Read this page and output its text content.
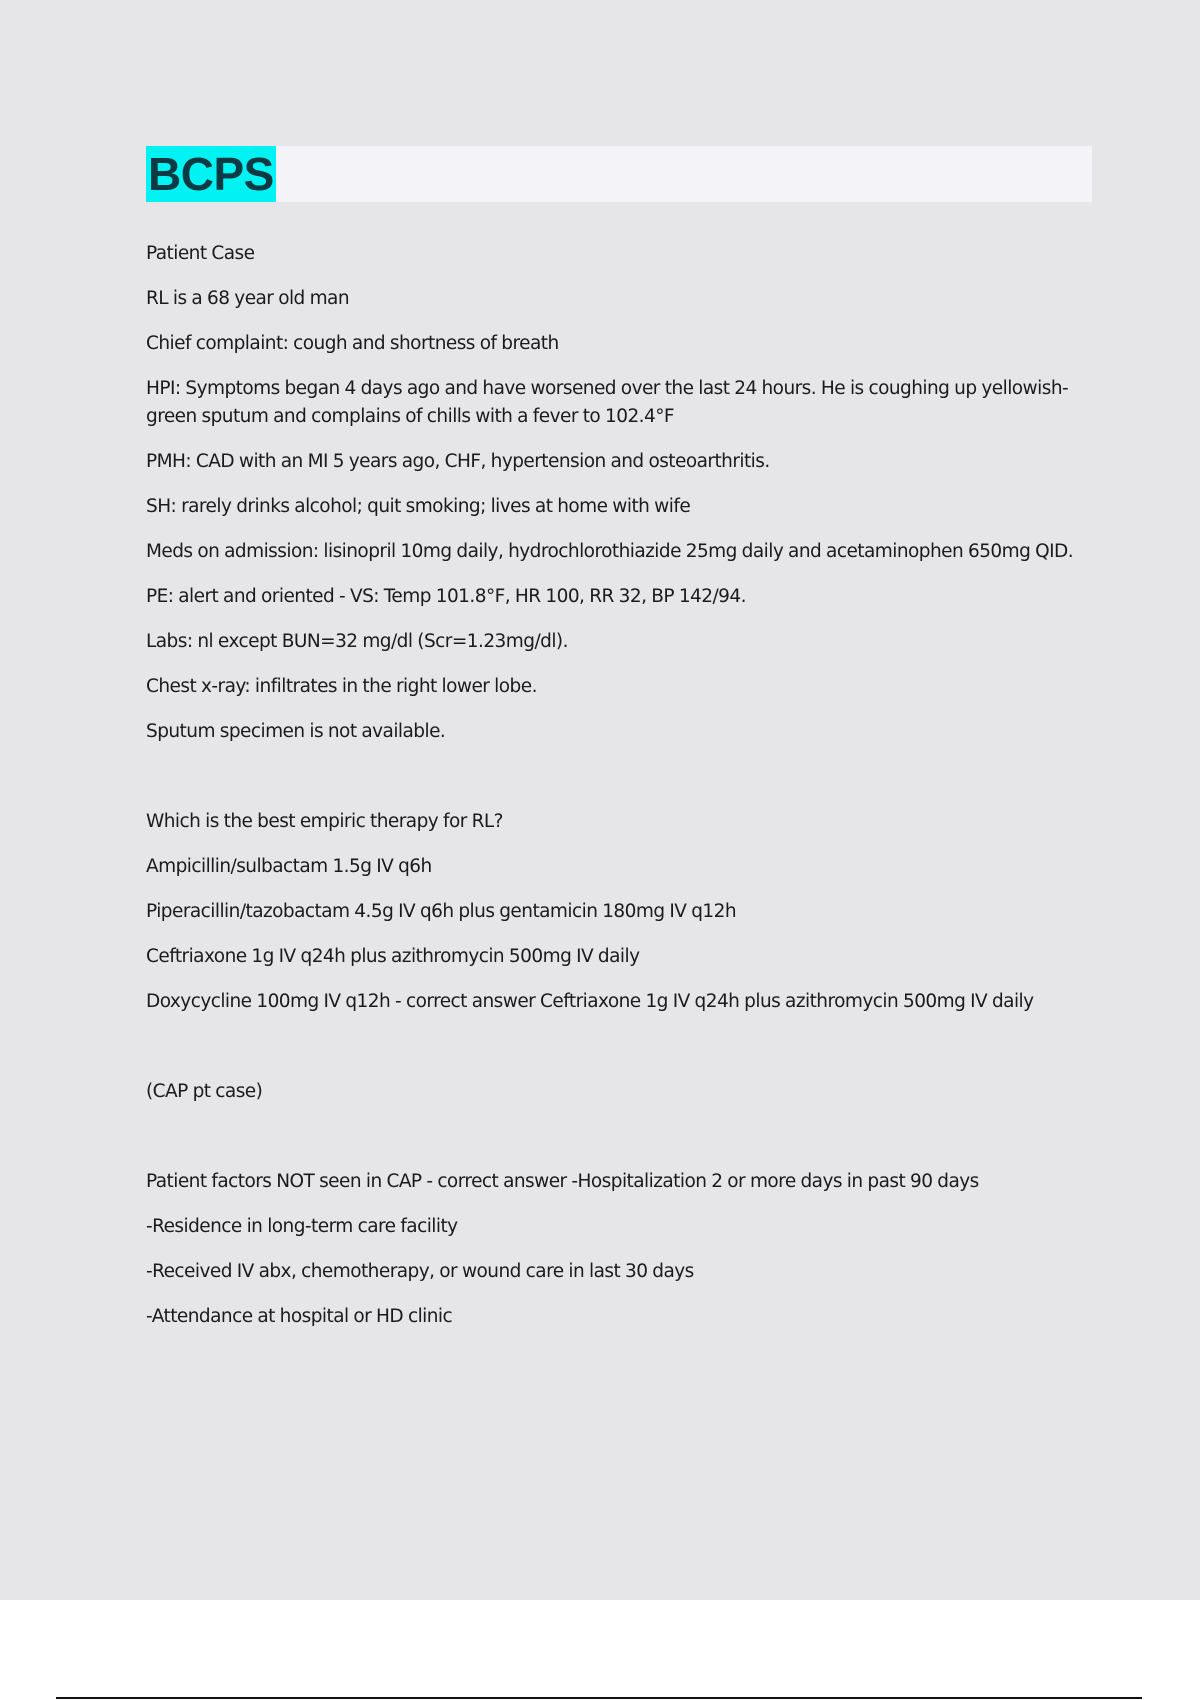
BCPS

Patient Case

RL is a 68 year old man

Chief complaint: cough and shortness of breath

HPI: Symptoms began 4 days ago and have worsened over the last 24 hours. He is coughing up yellowish-green sputum and complains of chills with a fever to 102.4°F

PMH: CAD with an MI 5 years ago, CHF, hypertension and osteoarthritis.

SH: rarely drinks alcohol; quit smoking; lives at home with wife

Meds on admission: lisinopril 10mg daily, hydrochlorothiazide 25mg daily and acetaminophen 650mg QID.

PE: alert and oriented - VS: Temp 101.8°F, HR 100, RR 32, BP 142/94.

Labs: nl except BUN=32 mg/dl (Scr=1.23mg/dl).

Chest x-ray: infiltrates in the right lower lobe.

Sputum specimen is not available.

Which is the best empiric therapy for RL?

Ampicillin/sulbactam 1.5g IV q6h

Piperacillin/tazobactam 4.5g IV q6h plus gentamicin 180mg IV q12h

Ceftriaxone 1g IV q24h plus azithromycin 500mg IV daily

Doxycycline 100mg IV q12h - correct answer Ceftriaxone 1g IV q24h plus azithromycin 500mg IV daily

(CAP pt case)

Patient factors NOT seen in CAP - correct answer -Hospitalization 2 or more days in past 90 days

-Residence in long-term care facility

-Received IV abx, chemotherapy, or wound care in last 30 days

-Attendance at hospital or HD clinic
